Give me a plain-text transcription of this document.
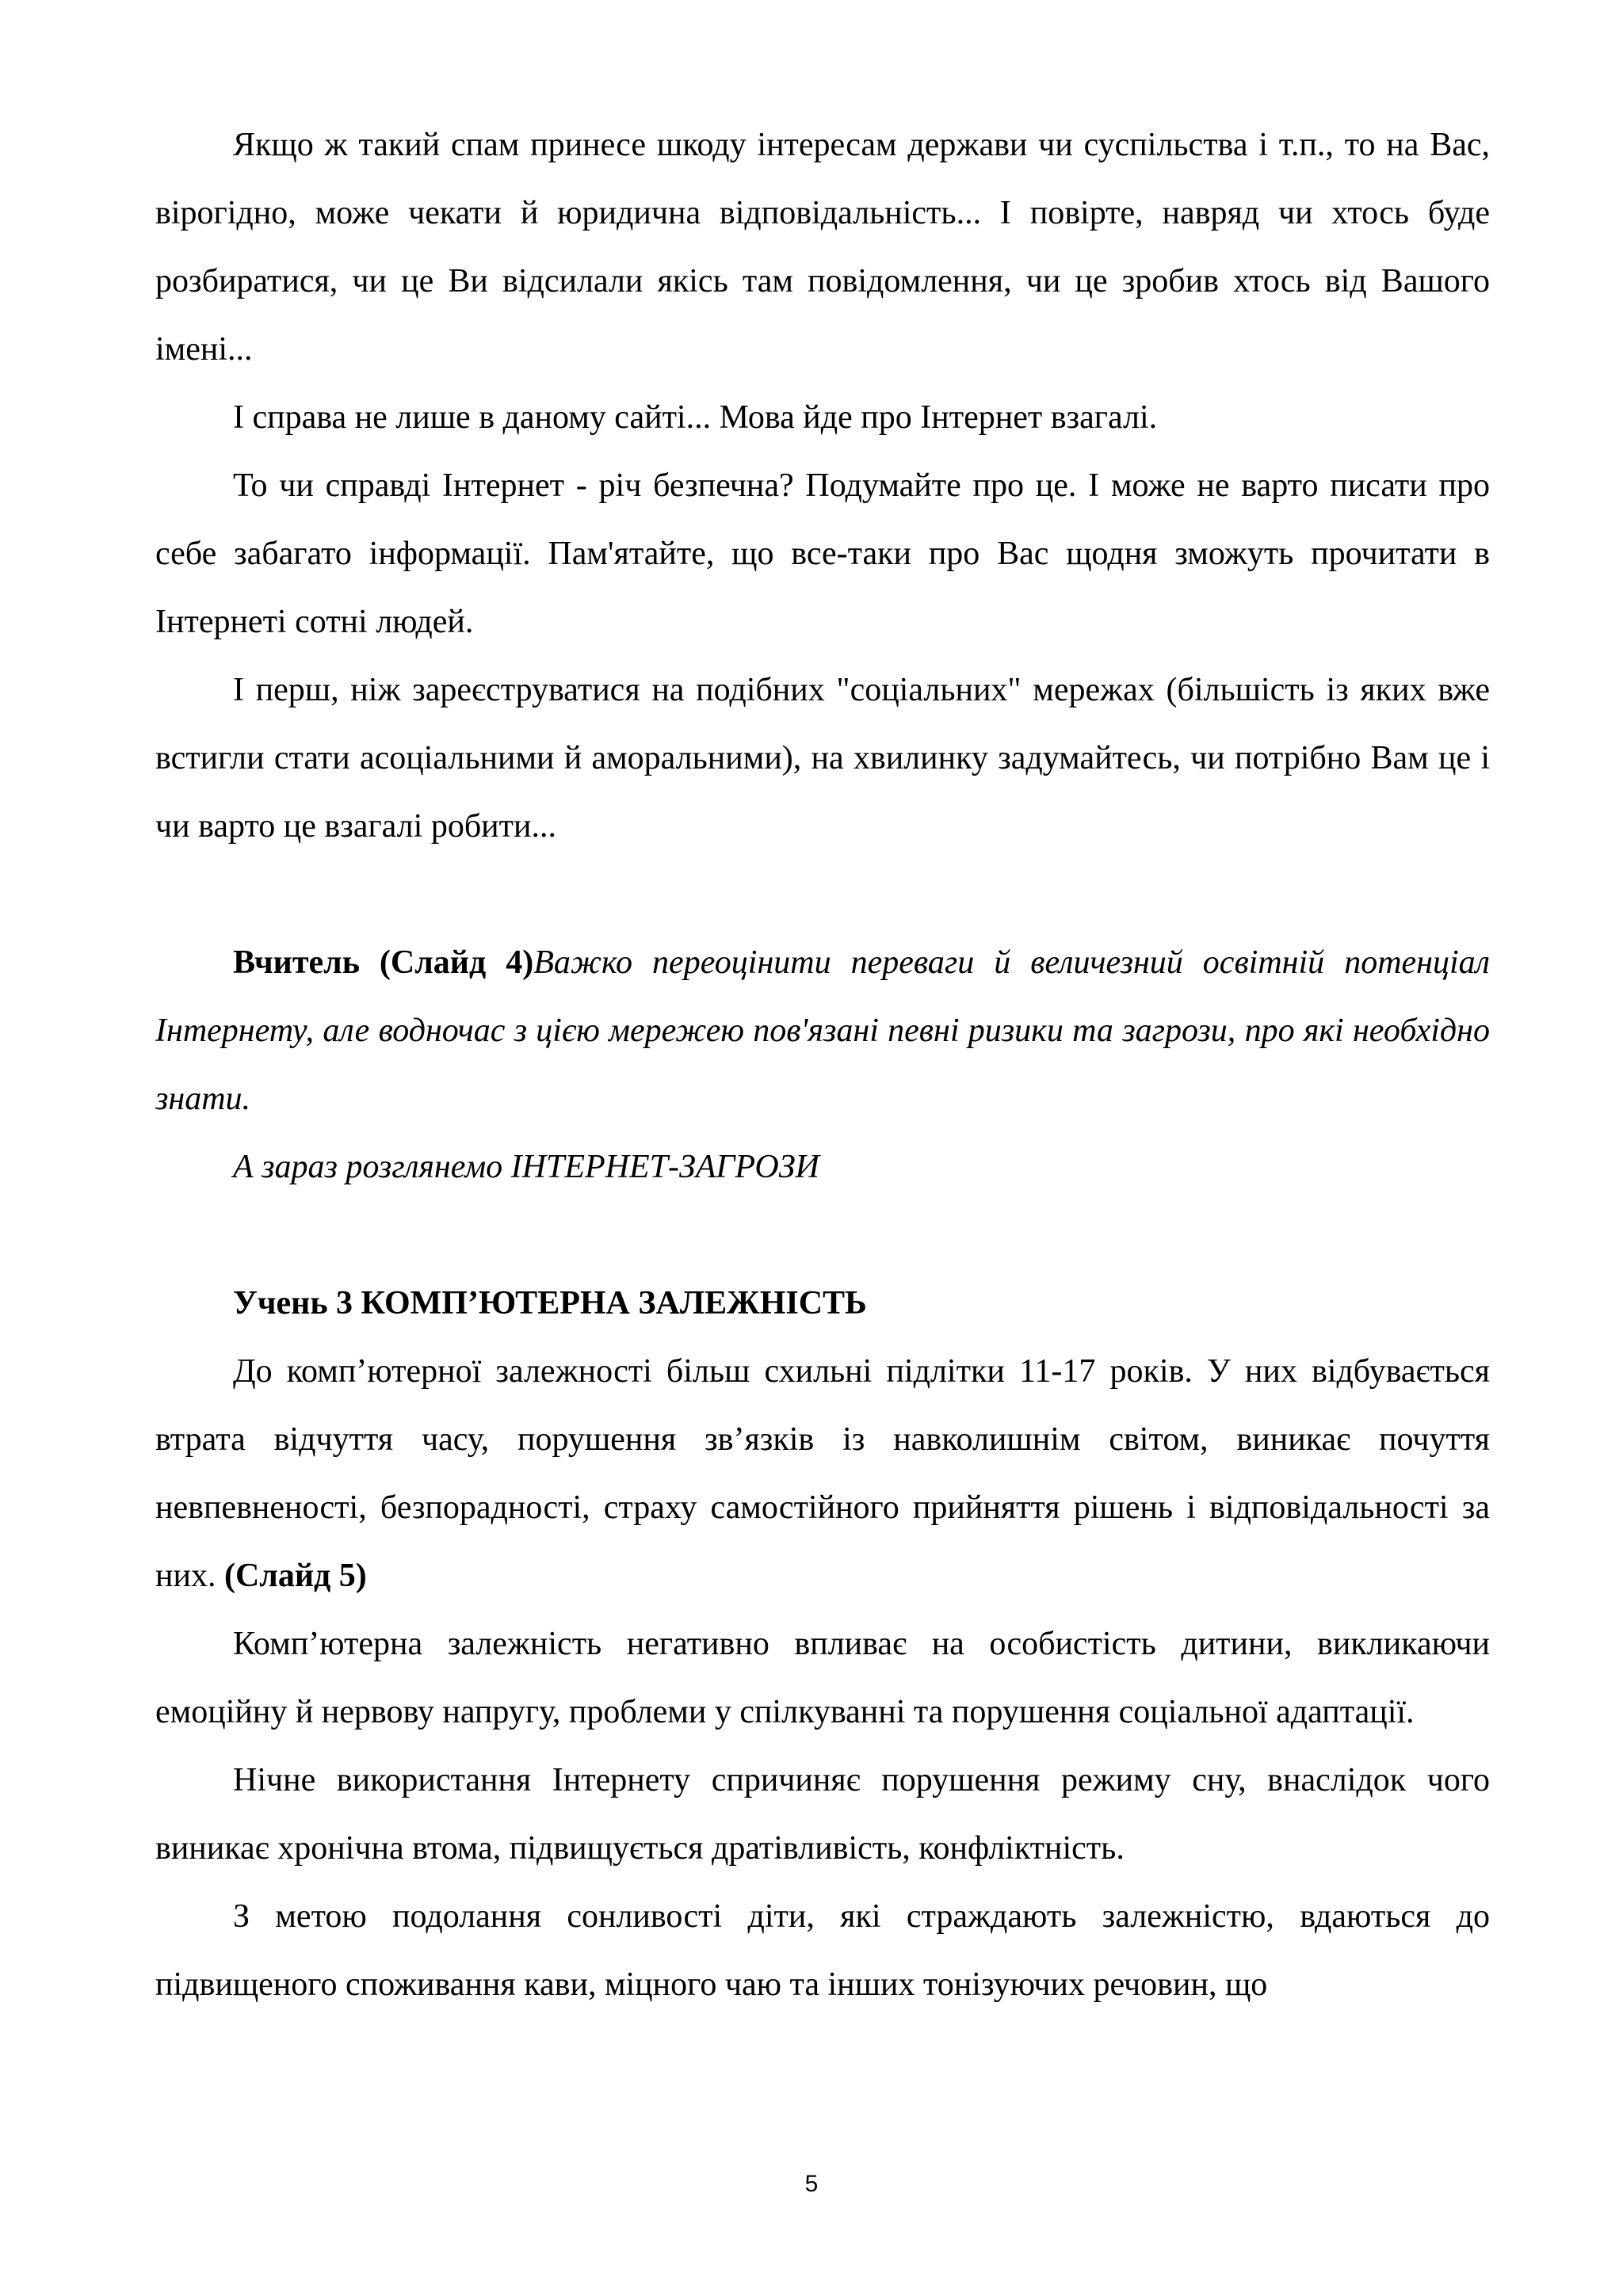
Якщо ж такий спам принесе шкоду інтересам держави чи суспільства і т.п., то на Вас, вірогідно, може чекати й юридична відповідальність... І повірте, навряд чи хтось буде розбиратися, чи це Ви відсилали якісь там повідомлення, чи це зробив хтось від Вашого імені...

І справа не лише в даному сайті... Мова йде про Інтернет взагалі.

То чи справді Інтернет - річ безпечна? Подумайте про це. І може не варто писати про себе забагато інформації. Пам'ятайте, що все-таки про Вас щодня зможуть прочитати в Інтернеті сотні людей.

І перш, ніж зареєструватися на подібних "соціальних" мережах (більшість із яких вже встигли стати асоціальними й аморальними), на хвилинку задумайтесь, чи потрібно Вам це і чи варто це взагалі робити...

Вчитель (Слайд 4)Важко переоцінити переваги й величезний освітній потенціал Інтернету, але водночас з цією мережею пов'язані певні ризики та загрози, про які необхідно знати.

А зараз розглянемо ІНТЕРНЕТ-ЗАГРОЗИ

Учень 3 КОМП’ЮТЕРНА ЗАЛЕЖНІСТЬ

До комп’ютерної залежності більш схильні підлітки 11-17 років. У них відбувається втрата відчуття часу, порушення зв’язків із навколишнім світом, виникає почуття невпевненості, безпорадності, страху самостійного прийняття рішень і відповідальності за них. (Слайд 5)

Комп’ютерна залежність негативно впливає на особистість дитини, викликаючи емоційну й нервову напругу, проблеми у спілкуванні та порушення соціальної адаптації.

Нічне використання Інтернету спричиняє порушення режиму сну, внаслідок чого виникає хронічна втома, підвищується дратівливість, конфліктність.

З метою подолання сонливості діти, які страждають залежністю, вдаються до підвищеного споживання кави, міцного чаю та інших тонізуючих речовин, що

5
